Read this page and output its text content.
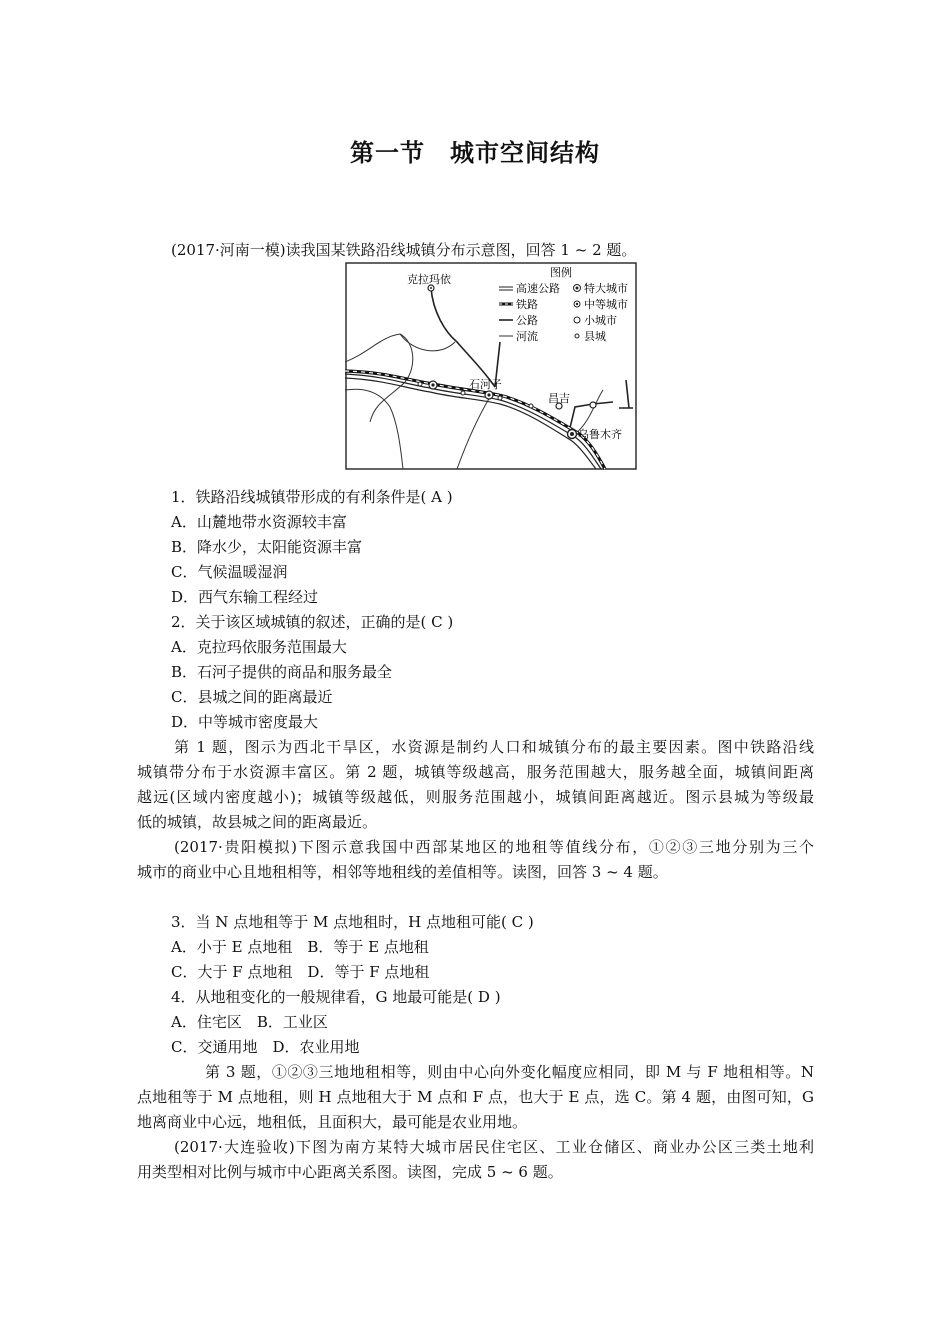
第一节　城市空间结构
(2017·河南一模)读我国某铁路沿线城镇分布示意图，回答 1 ~ 2 题。
克拉玛依
石河子
昌吉
乌鲁木齐
图例
高速公路
铁路
公路
河流
特大城市
中等城市
小城市
县城
1．铁路沿线城镇带形成的有利条件是( A )
A．山麓地带水资源较丰富
B．降水少，太阳能资源丰富
C．气候温暖湿润
D．西气东输工程经过
2．关于该区域城镇的叙述，正确的是( C )
A．克拉玛依服务范围最大
B．石河子提供的商品和服务最全
C．县城之间的距离最近
D．中等城市密度最大
第 1 题，图示为西北干旱区，水资源是制约人口和城镇分布的最主要因素。图中铁路沿线
城镇带分布于水资源丰富区。第 2 题，城镇等级越高，服务范围越大，服务越全面，城镇间距离
越远(区域内密度越小)；城镇等级越低，则服务范围越小，城镇间距离越近。图示县城为等级最
低的城镇，故县城之间的距离最近。
(2017·贵阳模拟)下图示意我国中西部某地区的地租等值线分布，①②③三地分别为三个
城市的商业中心且地租相等，相邻等地租线的差值相等。读图，回答 3 ~ 4 题。
3．当 N 点地租等于 M 点地租时，H 点地租可能( C )
A．小于 E 点地租　B．等于 E 点地租
C．大于 F 点地租　D．等于 F 点地租
4．从地租变化的一般规律看，G 地最可能是( D )
A．住宅区　B．工业区
C．交通用地　D．农业用地
第 3 题，①②③三地地租相等，则由中心向外变化幅度应相同，即 M 与 F 地租相等。N
点地租等于 M 点地租，则 H 点地租大于 M 点和 F 点，也大于 E 点，选 C。第 4 题，由图可知，G
地离商业中心远，地租低，且面积大，最可能是农业用地。
(2017·大连验收)下图为南方某特大城市居民住宅区、工业仓储区、商业办公区三类土地利
用类型相对比例与城市中心距离关系图。读图，完成 5 ~ 6 题。
